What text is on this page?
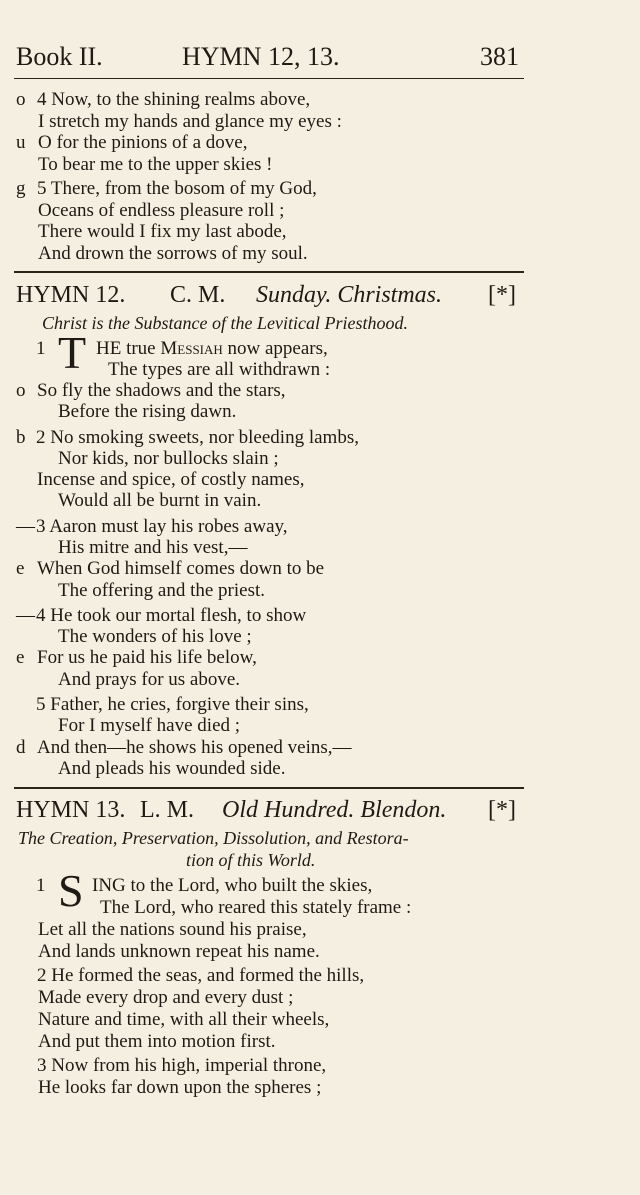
Book II.	HYMN 12, 13.	381
o 4 Now, to the shining realms above,
I stretch my hands and glance my eyes :
u O for the pinions of a dove,
To bear me to the upper skies !
g 5 There, from the bosom of my God,
Oceans of endless pleasure roll ;
There would I fix my last abode,
And drown the sorrows of my soul.
HYMN 12. C. M. Sunday. Christmas. [*]
Christ is the Substance of the Levitical Priesthood.
1 T HE true Messiah now appears,
The types are all withdrawn :
o So fly the shadows and the stars,
Before the rising dawn.
b 2 No smoking sweets, nor bleeding lambs,
Nor kids, nor bullocks slain ;
Incense and spice, of costly names,
Would all be burnt in vain.
— 3 Aaron must lay his robes away,
His mitre and his vest,—
e When God himself comes down to be
The offering and the priest.
— 4 He took our mortal flesh, to show
The wonders of his love ;
e For us he paid his life below,
And prays for us above.
5 Father, he cries, forgive their sins,
For I myself have died ;
d And then—he shows his opened veins,—
And pleads his wounded side.
HYMN 13. L. M. Old Hundred. Blendon. [*]
The Creation, Preservation, Dissolution, and Restora-
tion of this World.
1 S ING to the Lord, who built the skies,
The Lord, who reared this stately frame :
Let all the nations sound his praise,
And lands unknown repeat his name.
2 He formed the seas, and formed the hills,
Made every drop and every dust ;
Nature and time, with all their wheels,
And put them into motion first.
3 Now from his high, imperial throne,
He looks far down upon the spheres ;
